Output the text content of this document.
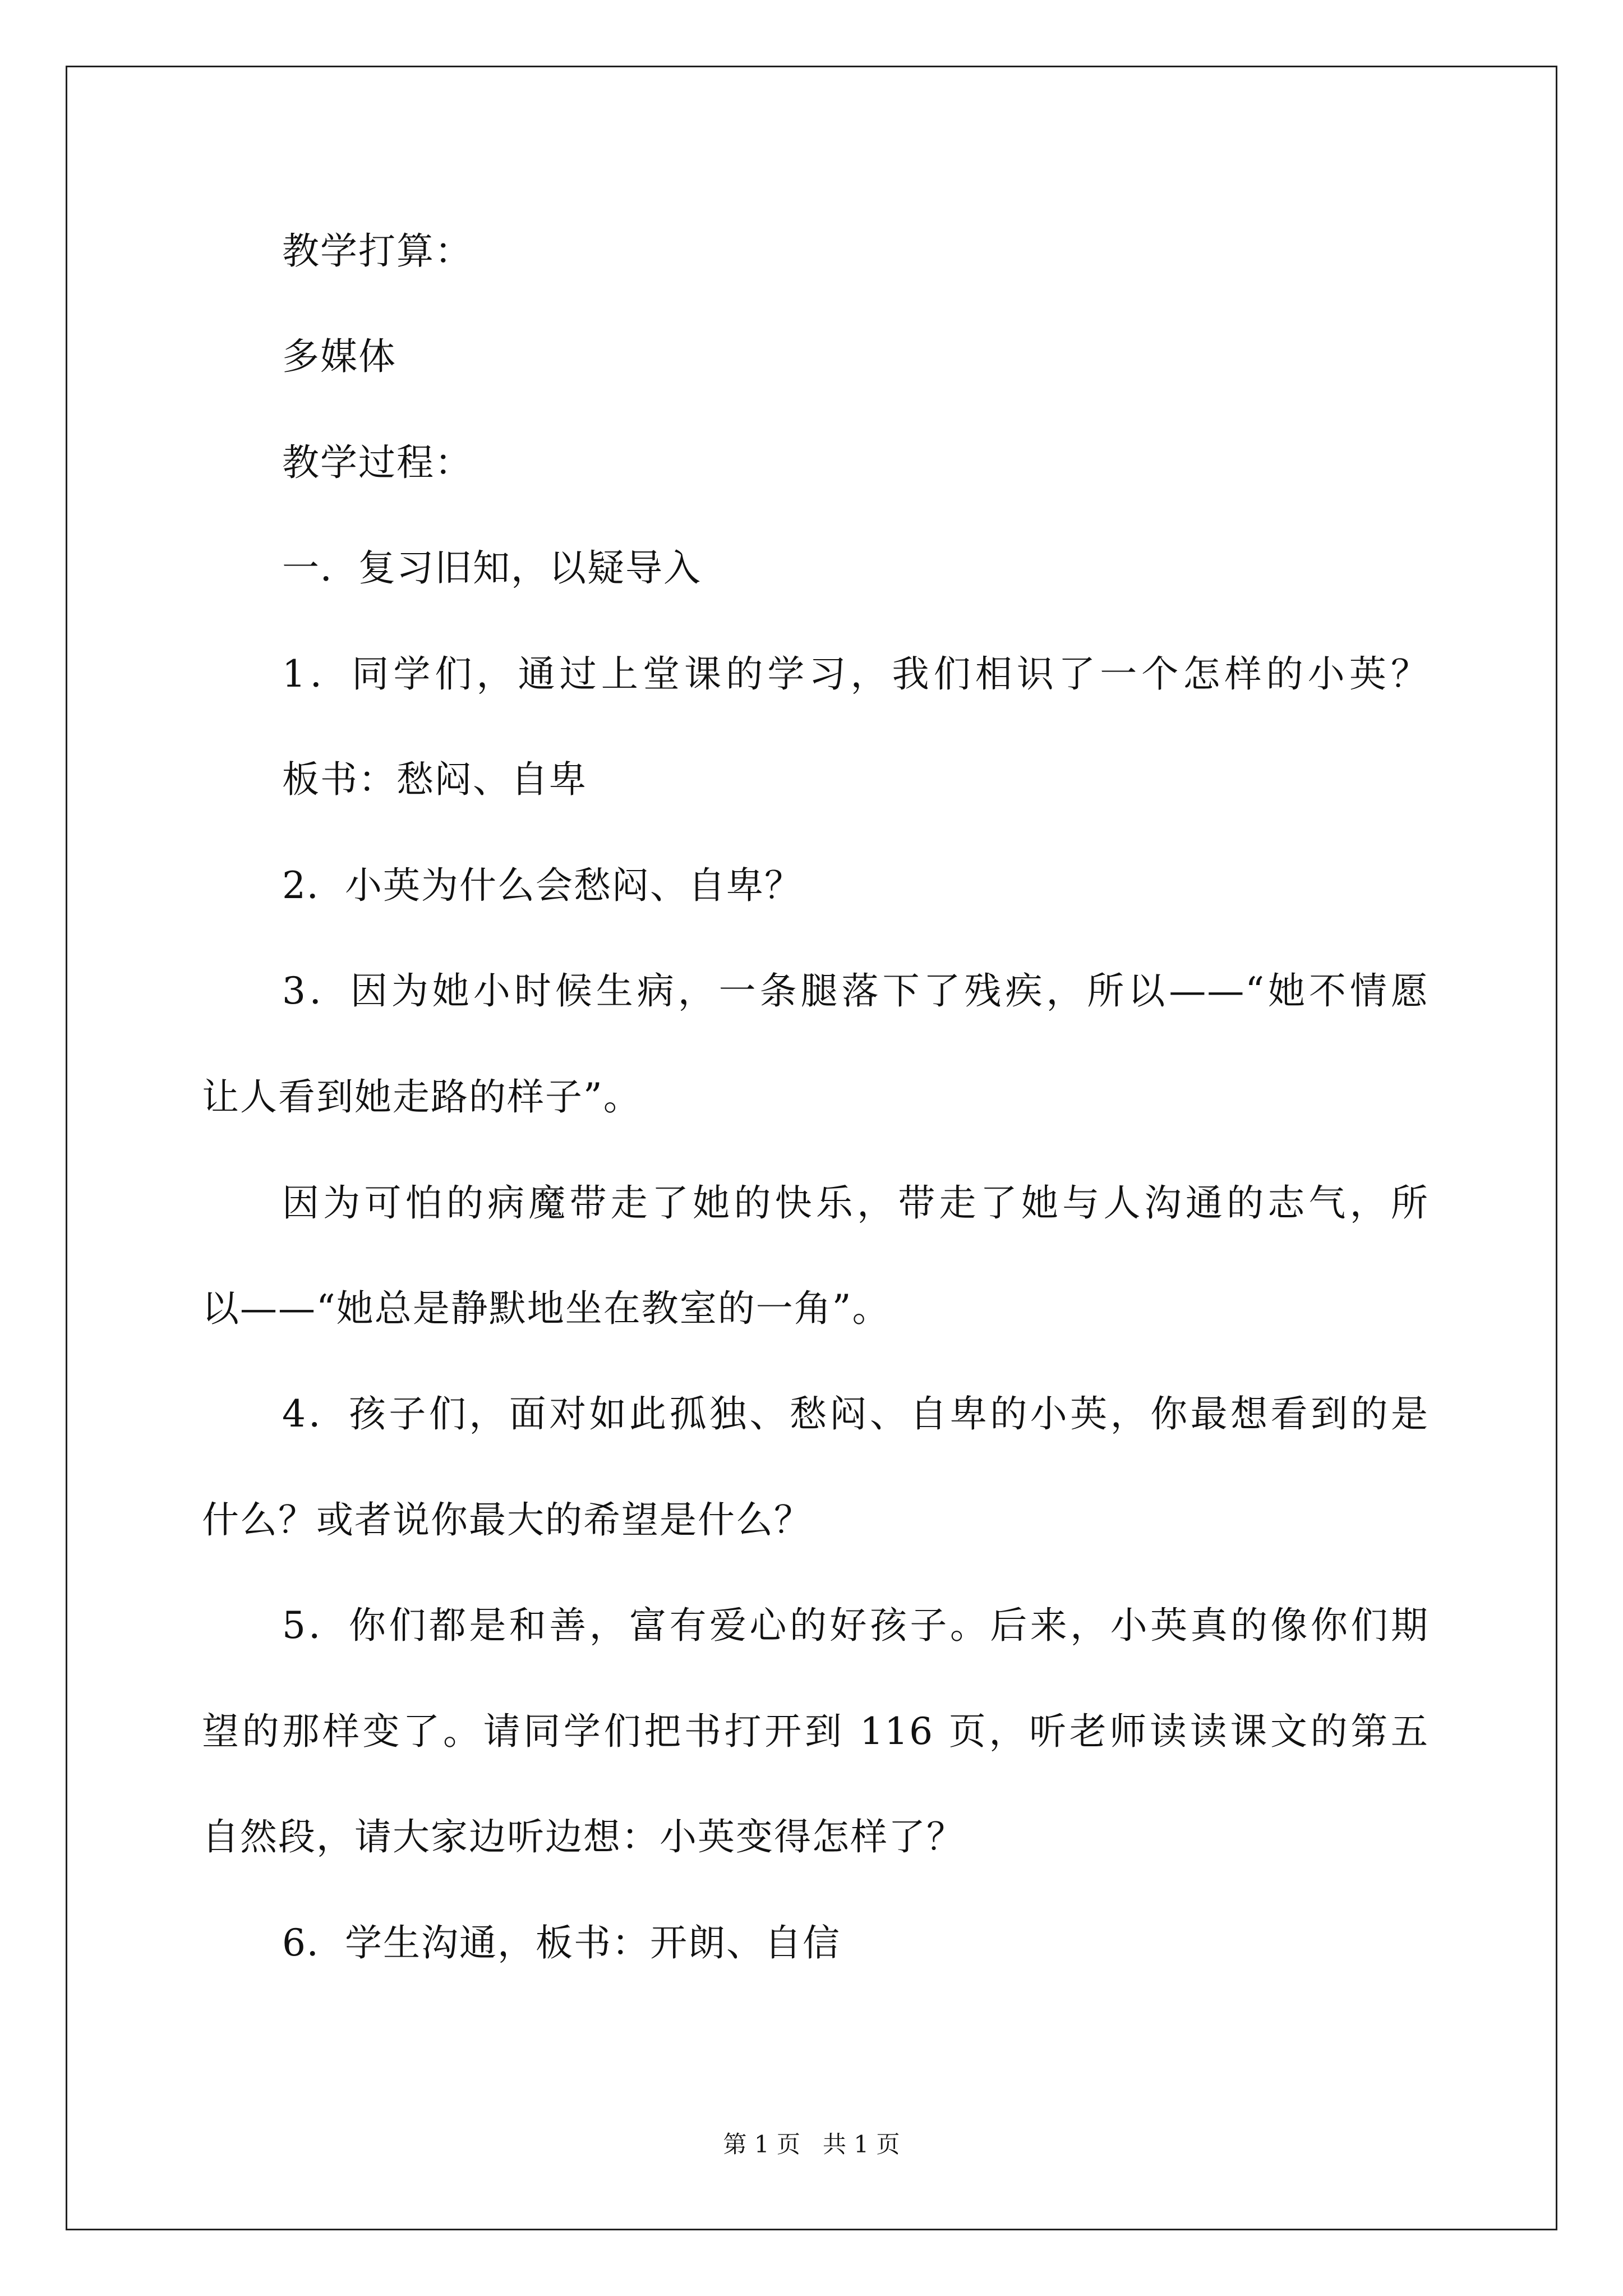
教学打算：
多媒体
教学过程：
一．复习旧知，以疑导入
1．同学们，通过上堂课的学习，我们相识了一个怎样的小英？
板书：愁闷、自卑
2．小英为什么会愁闷、自卑？
3．因为她小时候生病，一条腿落下了残疾，所以——“她不情愿
让人看到她走路的样子”。
因为可怕的病魔带走了她的快乐，带走了她与人沟通的志气，所
以——“她总是静默地坐在教室的一角”。
4．孩子们，面对如此孤独、愁闷、自卑的小英，你最想看到的是
什么？或者说你最大的希望是什么？
5．你们都是和善，富有爱心的好孩子。后来，小英真的像你们期
望的那样变了。请同学们把书打开到 116 页，听老师读读课文的第五
自然段，请大家边听边想：小英变得怎样了？
6．学生沟通，板书：开朗、自信
第 1 页   共 1 页
